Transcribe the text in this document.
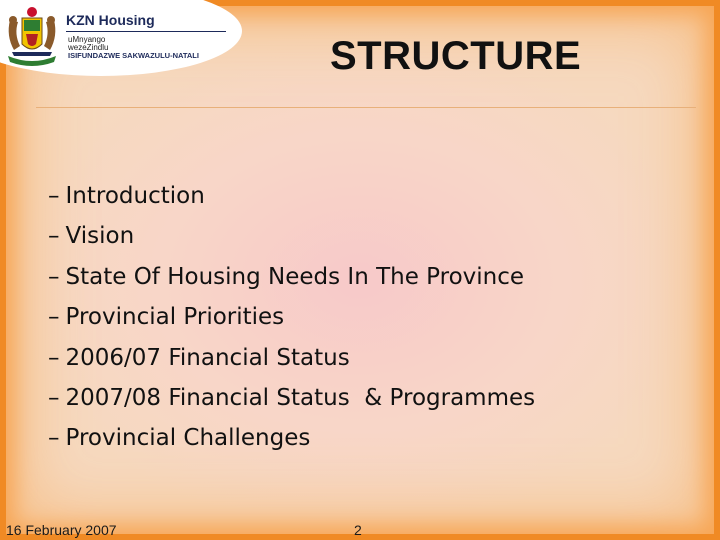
KZN Housing

uMnyango

wezeZindlu

ISIFUNDAZWE SAKWAZULU-NATALI	STRUCTURE
– Introduction
– Vision
– State Of Housing Needs In The Province
– Provincial Priorities
– 2006/07 Financial Status
– 2007/08 Financial Status  & Programmes
– Provincial Challenges
16 February 2007	2
